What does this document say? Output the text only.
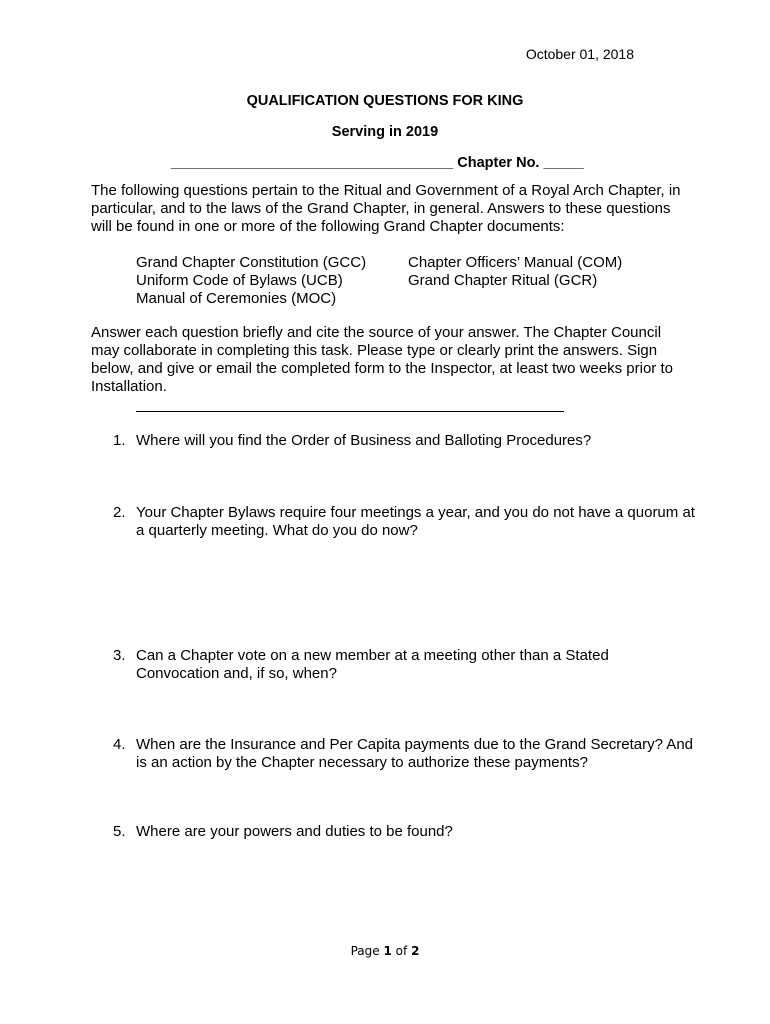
October 01, 2018
QUALIFICATION QUESTIONS FOR KING
Serving in 2019
___________________________________ Chapter No. _____
The following questions pertain to the Ritual and Government of a Royal Arch Chapter, in particular, and to the laws of the Grand Chapter, in general. Answers to these questions will be found in one or more of the following Grand Chapter documents:
Grand Chapter Constitution (GCC)
Uniform Code of Bylaws (UCB)
Manual of Ceremonies (MOC)
Chapter Officers’ Manual (COM)
Grand Chapter Ritual (GCR)
Answer each question briefly and cite the source of your answer. The Chapter Council may collaborate in completing this task. Please type or clearly print the answers. Sign below, and give or email the completed form to the Inspector, at least two weeks prior to Installation.
1. Where will you find the Order of Business and Balloting Procedures?
2. Your Chapter Bylaws require four meetings a year, and you do not have a quorum at a quarterly meeting. What do you do now?
3. Can a Chapter vote on a new member at a meeting other than a Stated Convocation and, if so, when?
4. When are the Insurance and Per Capita payments due to the Grand Secretary? And is an action by the Chapter necessary to authorize these payments?
5. Where are your powers and duties to be found?
Page 1 of 2
